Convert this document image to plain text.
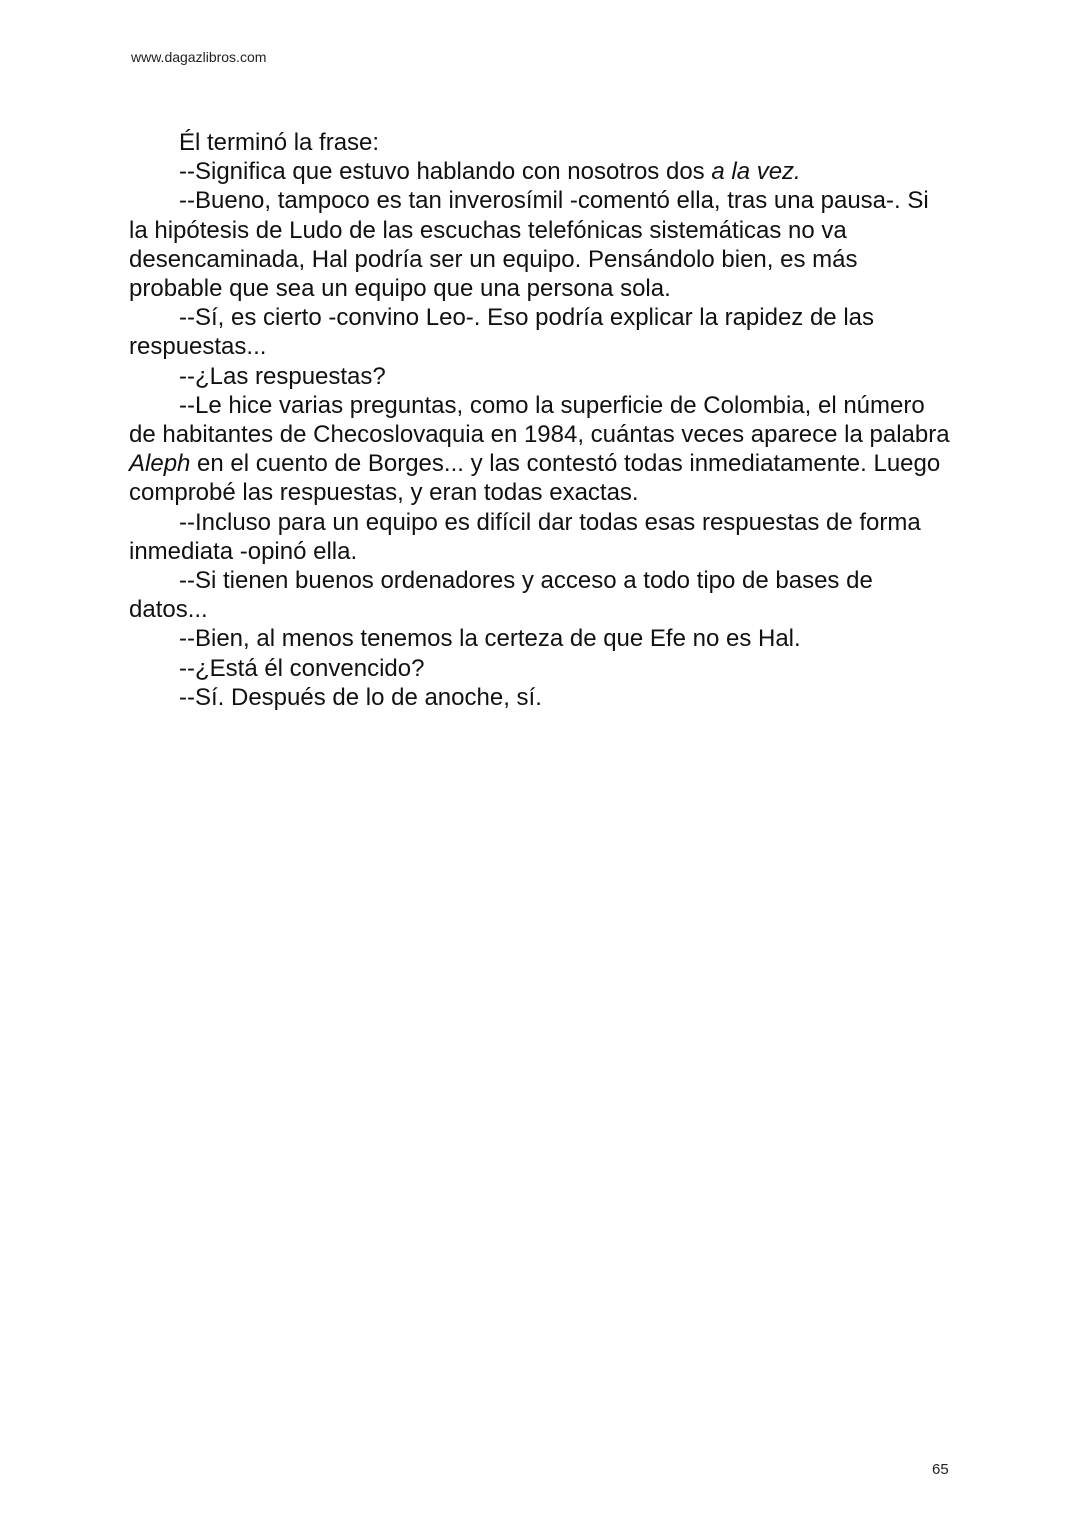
www.dagazlibros.com

Él terminó la frase:

--Significa que estuvo hablando con nosotros dos a la vez.

--Bueno, tampoco es tan inverosímil -comentó ella, tras una pausa-. Si la hipótesis de Ludo de las escuchas telefónicas sistemáticas no va desencaminada, Hal podría ser un equipo. Pensándolo bien, es más probable que sea un equipo que una persona sola.

--Sí, es cierto -convino Leo-. Eso podría explicar la rapidez de las respuestas...

--¿Las respuestas?

--Le hice varias preguntas, como la superficie de Colombia, el número de habitantes de Checoslovaquia en 1984, cuántas veces aparece la palabra Aleph en el cuento de Borges... y las contestó todas inmediatamente. Luego comprobé las respuestas, y eran todas exactas.

--Incluso para un equipo es difícil dar todas esas respuestas de forma inmediata -opinó ella.

--Si tienen buenos ordenadores y acceso a todo tipo de bases de datos...

--Bien, al menos tenemos la certeza de que Efe no es Hal.

--¿Está él convencido?

--Sí. Después de lo de anoche, sí.

65
